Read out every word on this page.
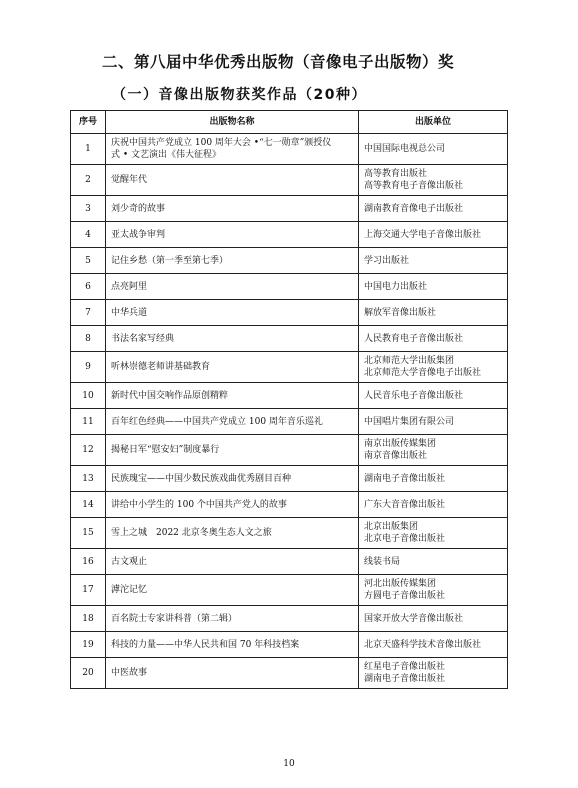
二、第八届中华优秀出版物（音像电子出版物）奖
（一）音像出版物获奖作品（20种）
序号	出版物名称	出版单位
1	庆祝中国共产党成立 100 周年大会 •“七一勋章”颁授仪
式 • 文艺演出《伟大征程》	中国国际电视总公司

2	觉醒年代	高等教育出版社
高等教育电子音像出版社

3	刘少奇的故事	湖南教育音像电子出版社

4	亚太战争审判	上海交通大学电子音像出版社

5	记住乡愁（第一季至第七季）	学习出版社

6	点亮阿里	中国电力出版社

7	中华兵道	解放军音像出版社

8	书法名家写经典	人民教育电子音像出版社

9	听林崇德老师讲基础教育	北京师范大学出版集团
北京师范大学音像电子出版社

10	新时代中国交响作品原创精粹	人民音乐电子音像出版社

11	百年红色经典——中国共产党成立 100 周年音乐巡礼	中国唱片集团有限公司

12	揭秘日军“慰安妇”制度暴行	南京出版传媒集团
南京音像出版社

13	民族瑰宝——中国少数民族戏曲优秀剧目百种	湖南电子音像出版社

14	讲给中小学生的 100 个中国共产党人的故事	广东大音音像出版社

15	雪上之城　2022 北京冬奥生态人文之旅	北京出版集团
北京电子音像出版社

16	古文观止	线装书局

17	滹沱记忆	河北出版传媒集团
方圆电子音像出版社

18	百名院士专家讲科普（第二辑）	国家开放大学音像出版社

19	科技的力量——中华人民共和国 70 年科技档案	北京天盛科学技术音像出版社

20	中医故事	红星电子音像出版社
湖南电子音像出版社
10
